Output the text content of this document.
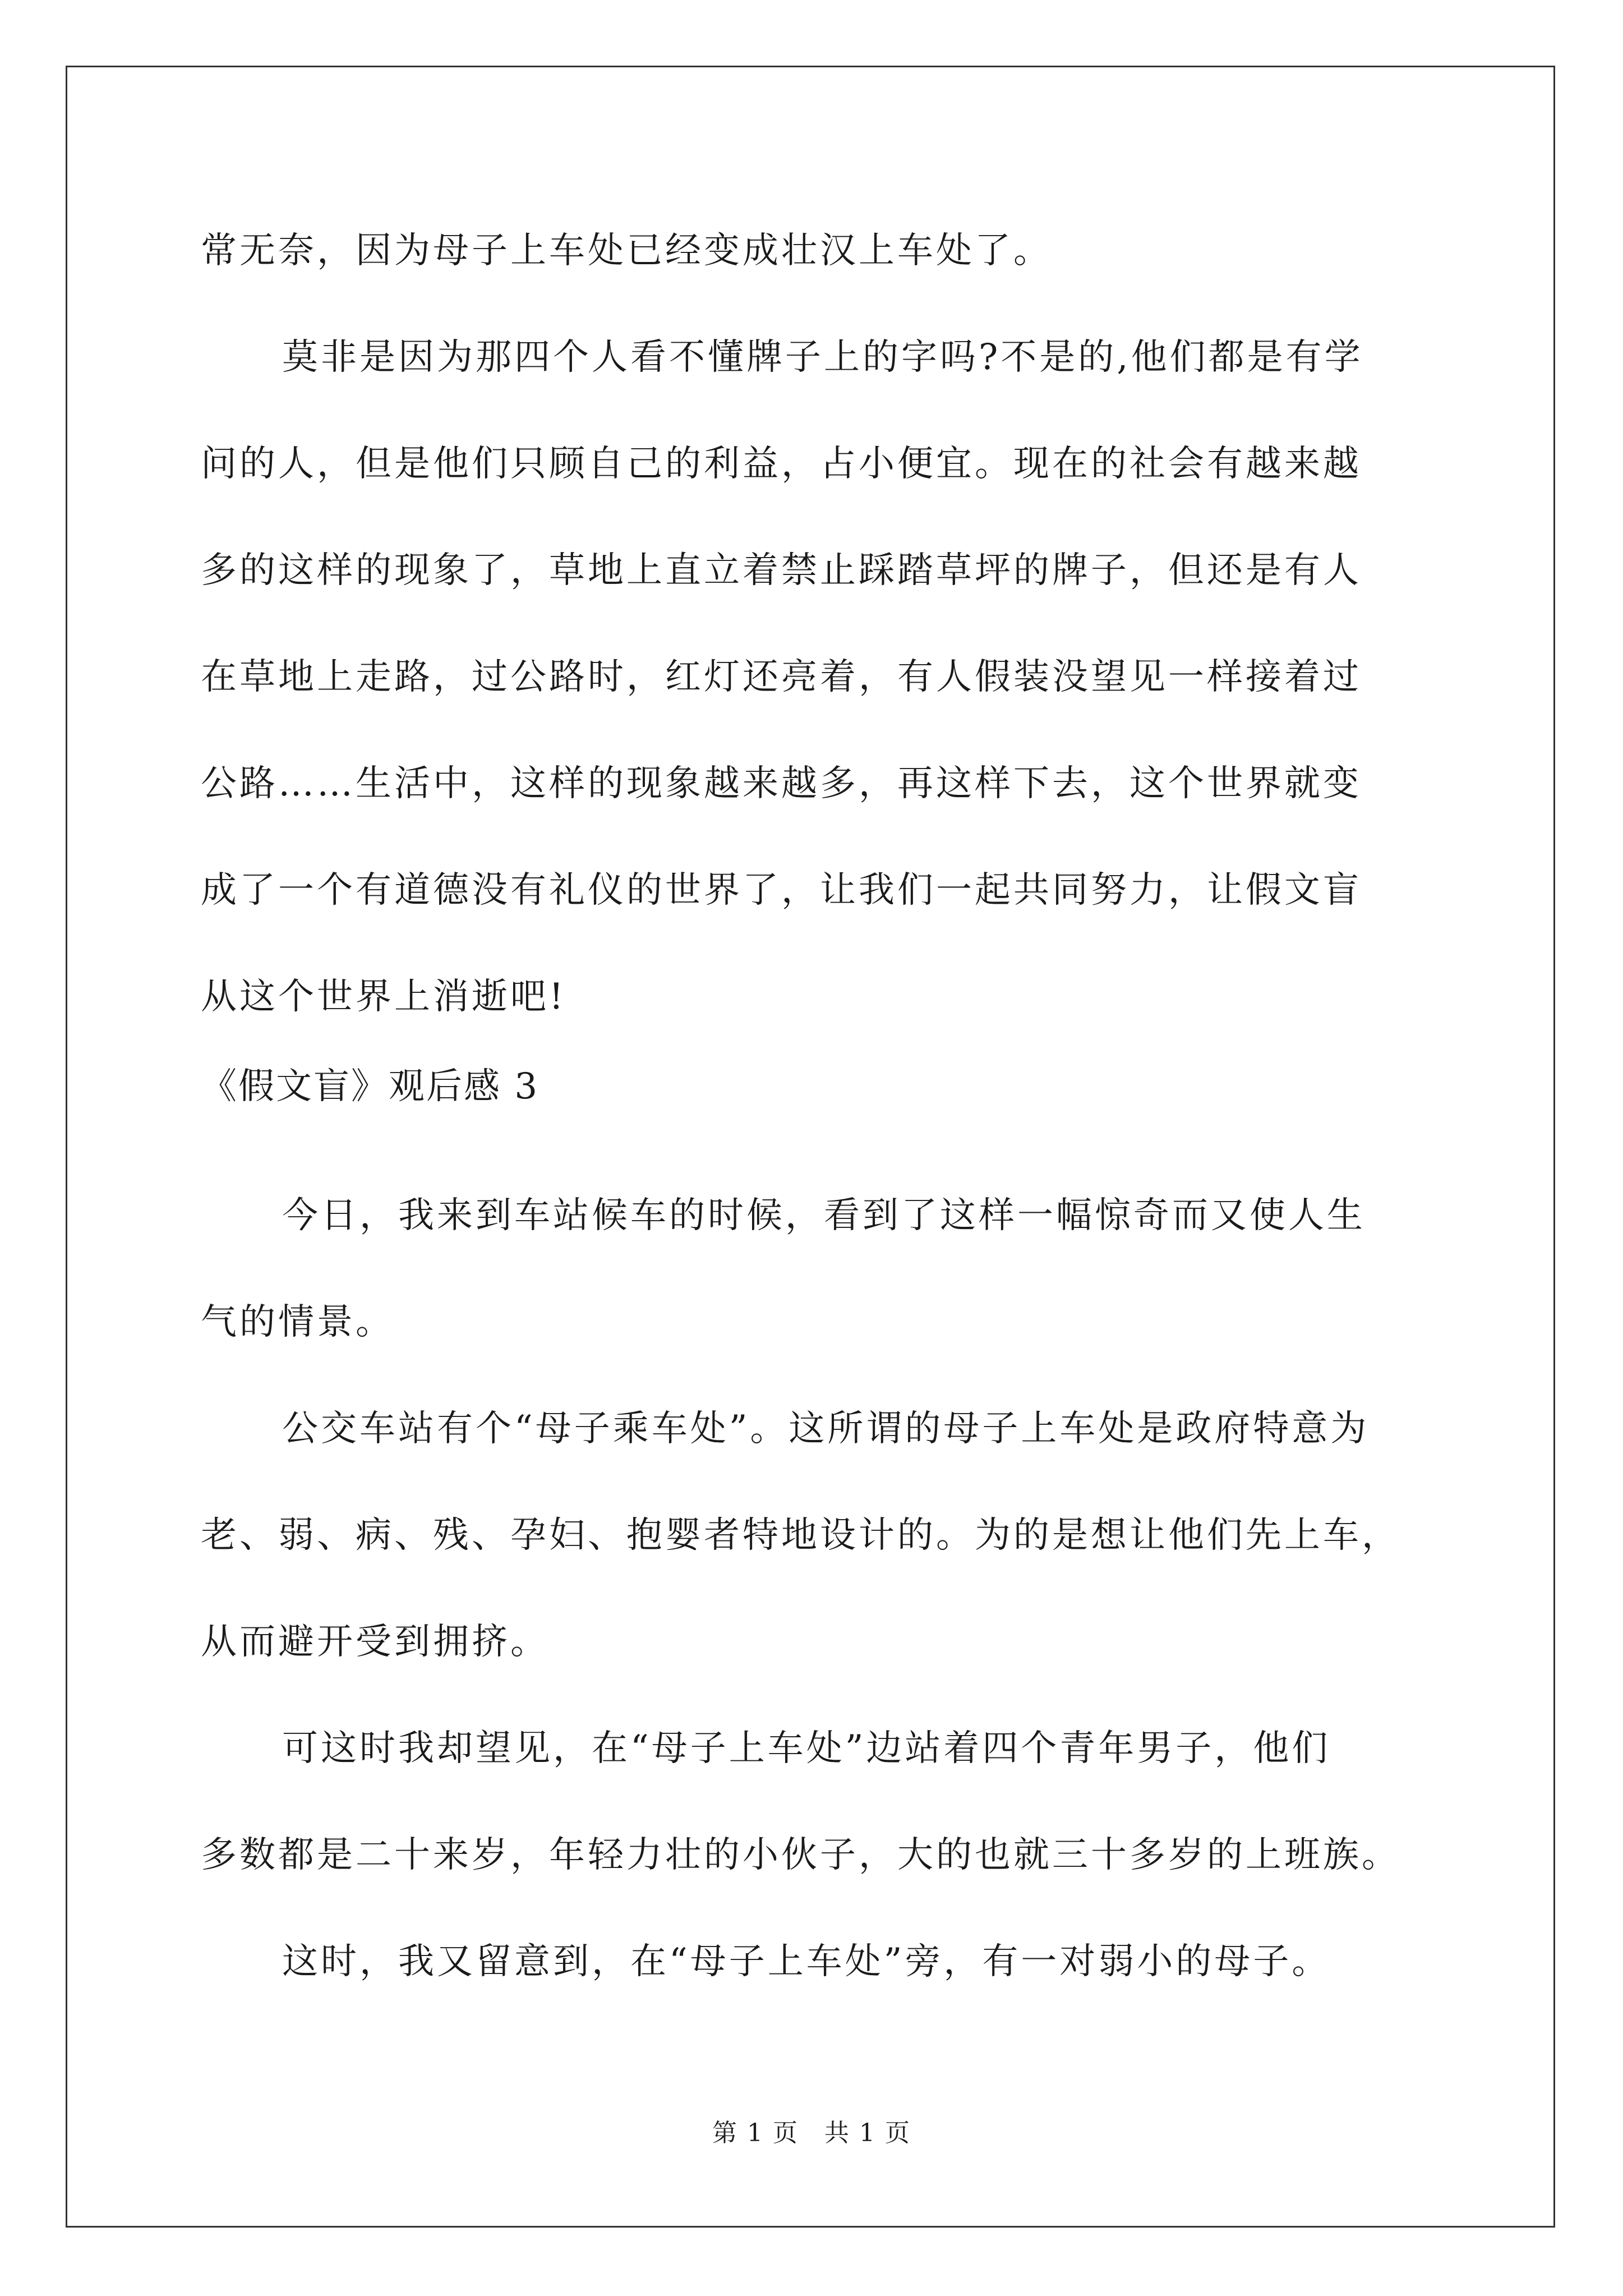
常无奈，因为母子上车处已经变成壮汉上车处了。
莫非是因为那四个人看不懂牌子上的字吗?不是的,他们都是有学
问的人，但是他们只顾自己的利益，占小便宜。现在的社会有越来越
多的这样的现象了，草地上直立着禁止踩踏草坪的牌子，但还是有人
在草地上走路，过公路时，红灯还亮着，有人假装没望见一样接着过
公路……生活中，这样的现象越来越多，再这样下去，这个世界就变
成了一个有道德没有礼仪的世界了，让我们一起共同努力，让假文盲
从这个世界上消逝吧!
《假文盲》观后感 3
今日，我来到车站候车的时候，看到了这样一幅惊奇而又使人生
气的情景。
公交车站有个“母子乘车处”。这所谓的母子上车处是政府特意为
老、弱、病、残、孕妇、抱婴者特地设计的。为的是想让他们先上车，
从而避开受到拥挤。
可这时我却望见，在“母子上车处”边站着四个青年男子，他们
多数都是二十来岁，年轻力壮的小伙子，大的也就三十多岁的上班族。
这时，我又留意到，在“母子上车处”旁，有一对弱小的母子。
第 1 页　共 1 页
